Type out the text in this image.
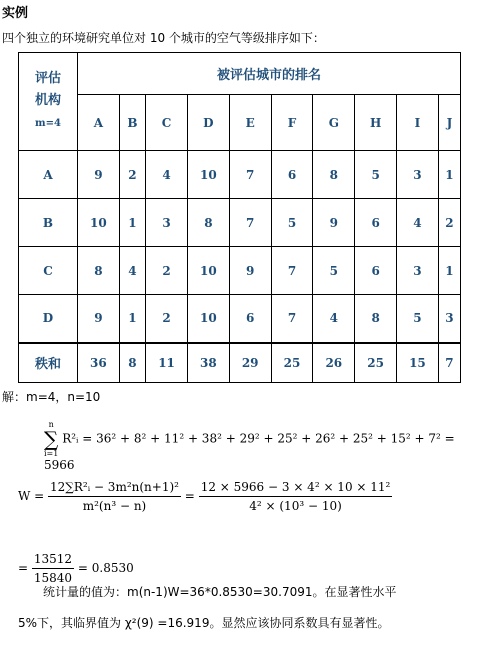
实例
四个独立的环境研究单位对 10 个城市的空气等级排序如下：
评估
机构
m=4	被评估城市的排名									
	A	B	C	D	E	F	G	H	I	J
A	9	2	4	10	7	6	8	5	3	1
B	10	1	3	8	7	5	9	6	4	2
C	8	4	2	10	9	7	5	6	3	1
D	9	1	2	10	6	7	4	8	5	3
秩和	36	8	11	38	29	25	26	25	15	7
解：m=4，n=10
n
∑
i=1 R²ᵢ = 36² + 8² + 11² + 38² + 29² + 25² + 26² + 25² + 15² + 7² = 5966
$W = \frac{\text{12∑R²ᵢ − 3m²n(n+1)²}}{\text{m²(n³ − n)}} = \frac{\text{12 × 5966 − 3 × 4² × 10 × 11²}}{\text{4² × (10³ − 10)}}$
= $\frac{13512}{15840} = 0.8530$
统计量的值为：m(n-1)W=36*0.8530=30.7091。在显著性水平
5%下，其临界值为 χ²(9) =16.919。显然应该协同系数具有显著性。
